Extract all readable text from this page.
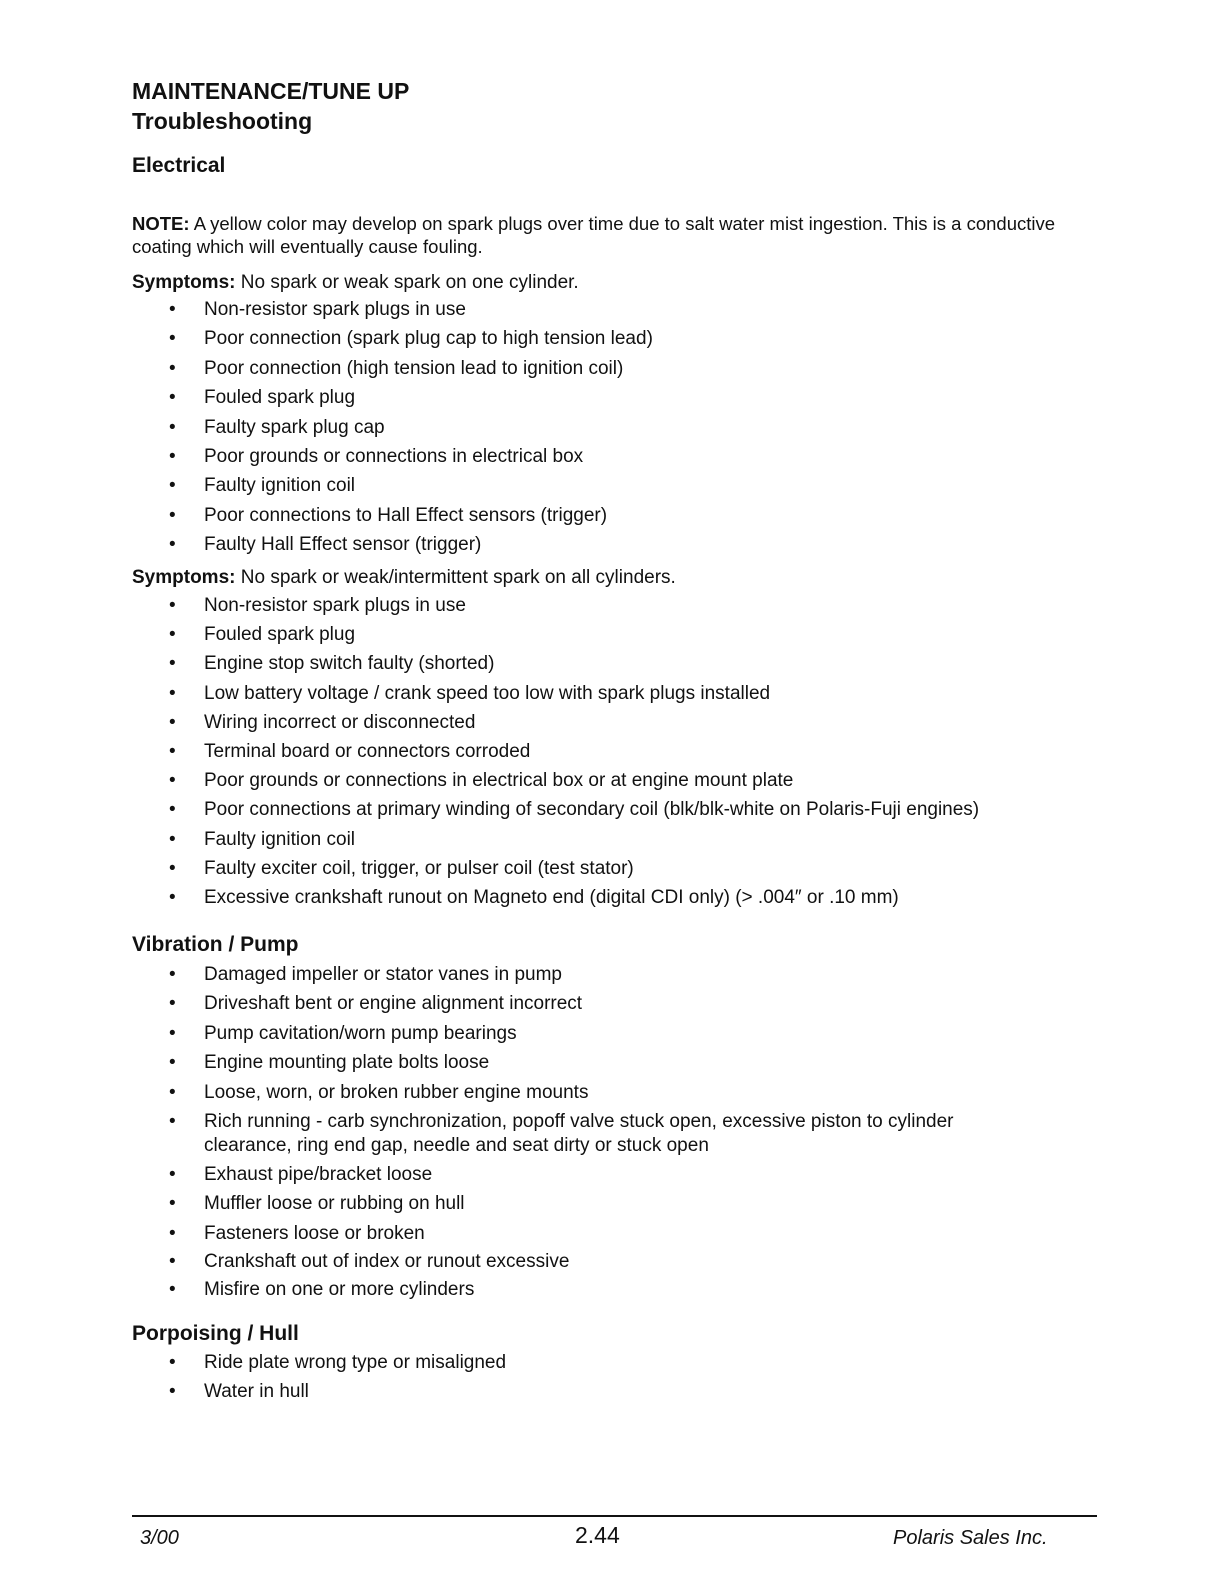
MAINTENANCE/TUNE UP
Troubleshooting
Electrical
NOTE: A yellow color may develop on spark plugs over time due to salt water mist ingestion. This is a conductive coating which will eventually cause fouling.
Symptoms: No spark or weak spark on one cylinder.
• Non-resistor spark plugs in use
• Poor connection (spark plug cap to high tension lead)
• Poor connection (high tension lead to ignition coil)
• Fouled spark plug
• Faulty spark plug cap
• Poor grounds or connections in electrical box
• Faulty ignition coil
• Poor connections to Hall Effect sensors (trigger)
• Faulty Hall Effect sensor (trigger)
Symptoms: No spark or weak/intermittent spark on all cylinders.
• Non-resistor spark plugs in use
• Fouled spark plug
• Engine stop switch faulty (shorted)
• Low battery voltage / crank speed too low with spark plugs installed
• Wiring incorrect or disconnected
• Terminal board or connectors corroded
• Poor grounds or connections in electrical box or at engine mount plate
• Poor connections at primary winding of secondary coil (blk/blk-white on Polaris-Fuji engines)
• Faulty ignition coil
• Faulty exciter coil, trigger, or pulser coil (test stator)
• Excessive crankshaft runout on Magneto end (digital CDI only) (> .004″ or .10 mm)
Vibration / Pump
• Damaged impeller or stator vanes in pump
• Driveshaft bent or engine alignment incorrect
• Pump cavitation/worn pump bearings
• Engine mounting plate bolts loose
• Loose, worn, or broken rubber engine mounts
• Rich running - carb synchronization, popoff valve stuck open, excessive piston to cylinder clearance, ring end gap, needle and seat dirty or stuck open
• Exhaust pipe/bracket loose
• Muffler loose or rubbing on hull
• Fasteners loose or broken
• Crankshaft out of index or runout excessive
• Misfire on one or more cylinders
Porpoising / Hull
• Ride plate wrong type or misaligned
• Water in hull
3/00	2.44	Polaris Sales Inc.
